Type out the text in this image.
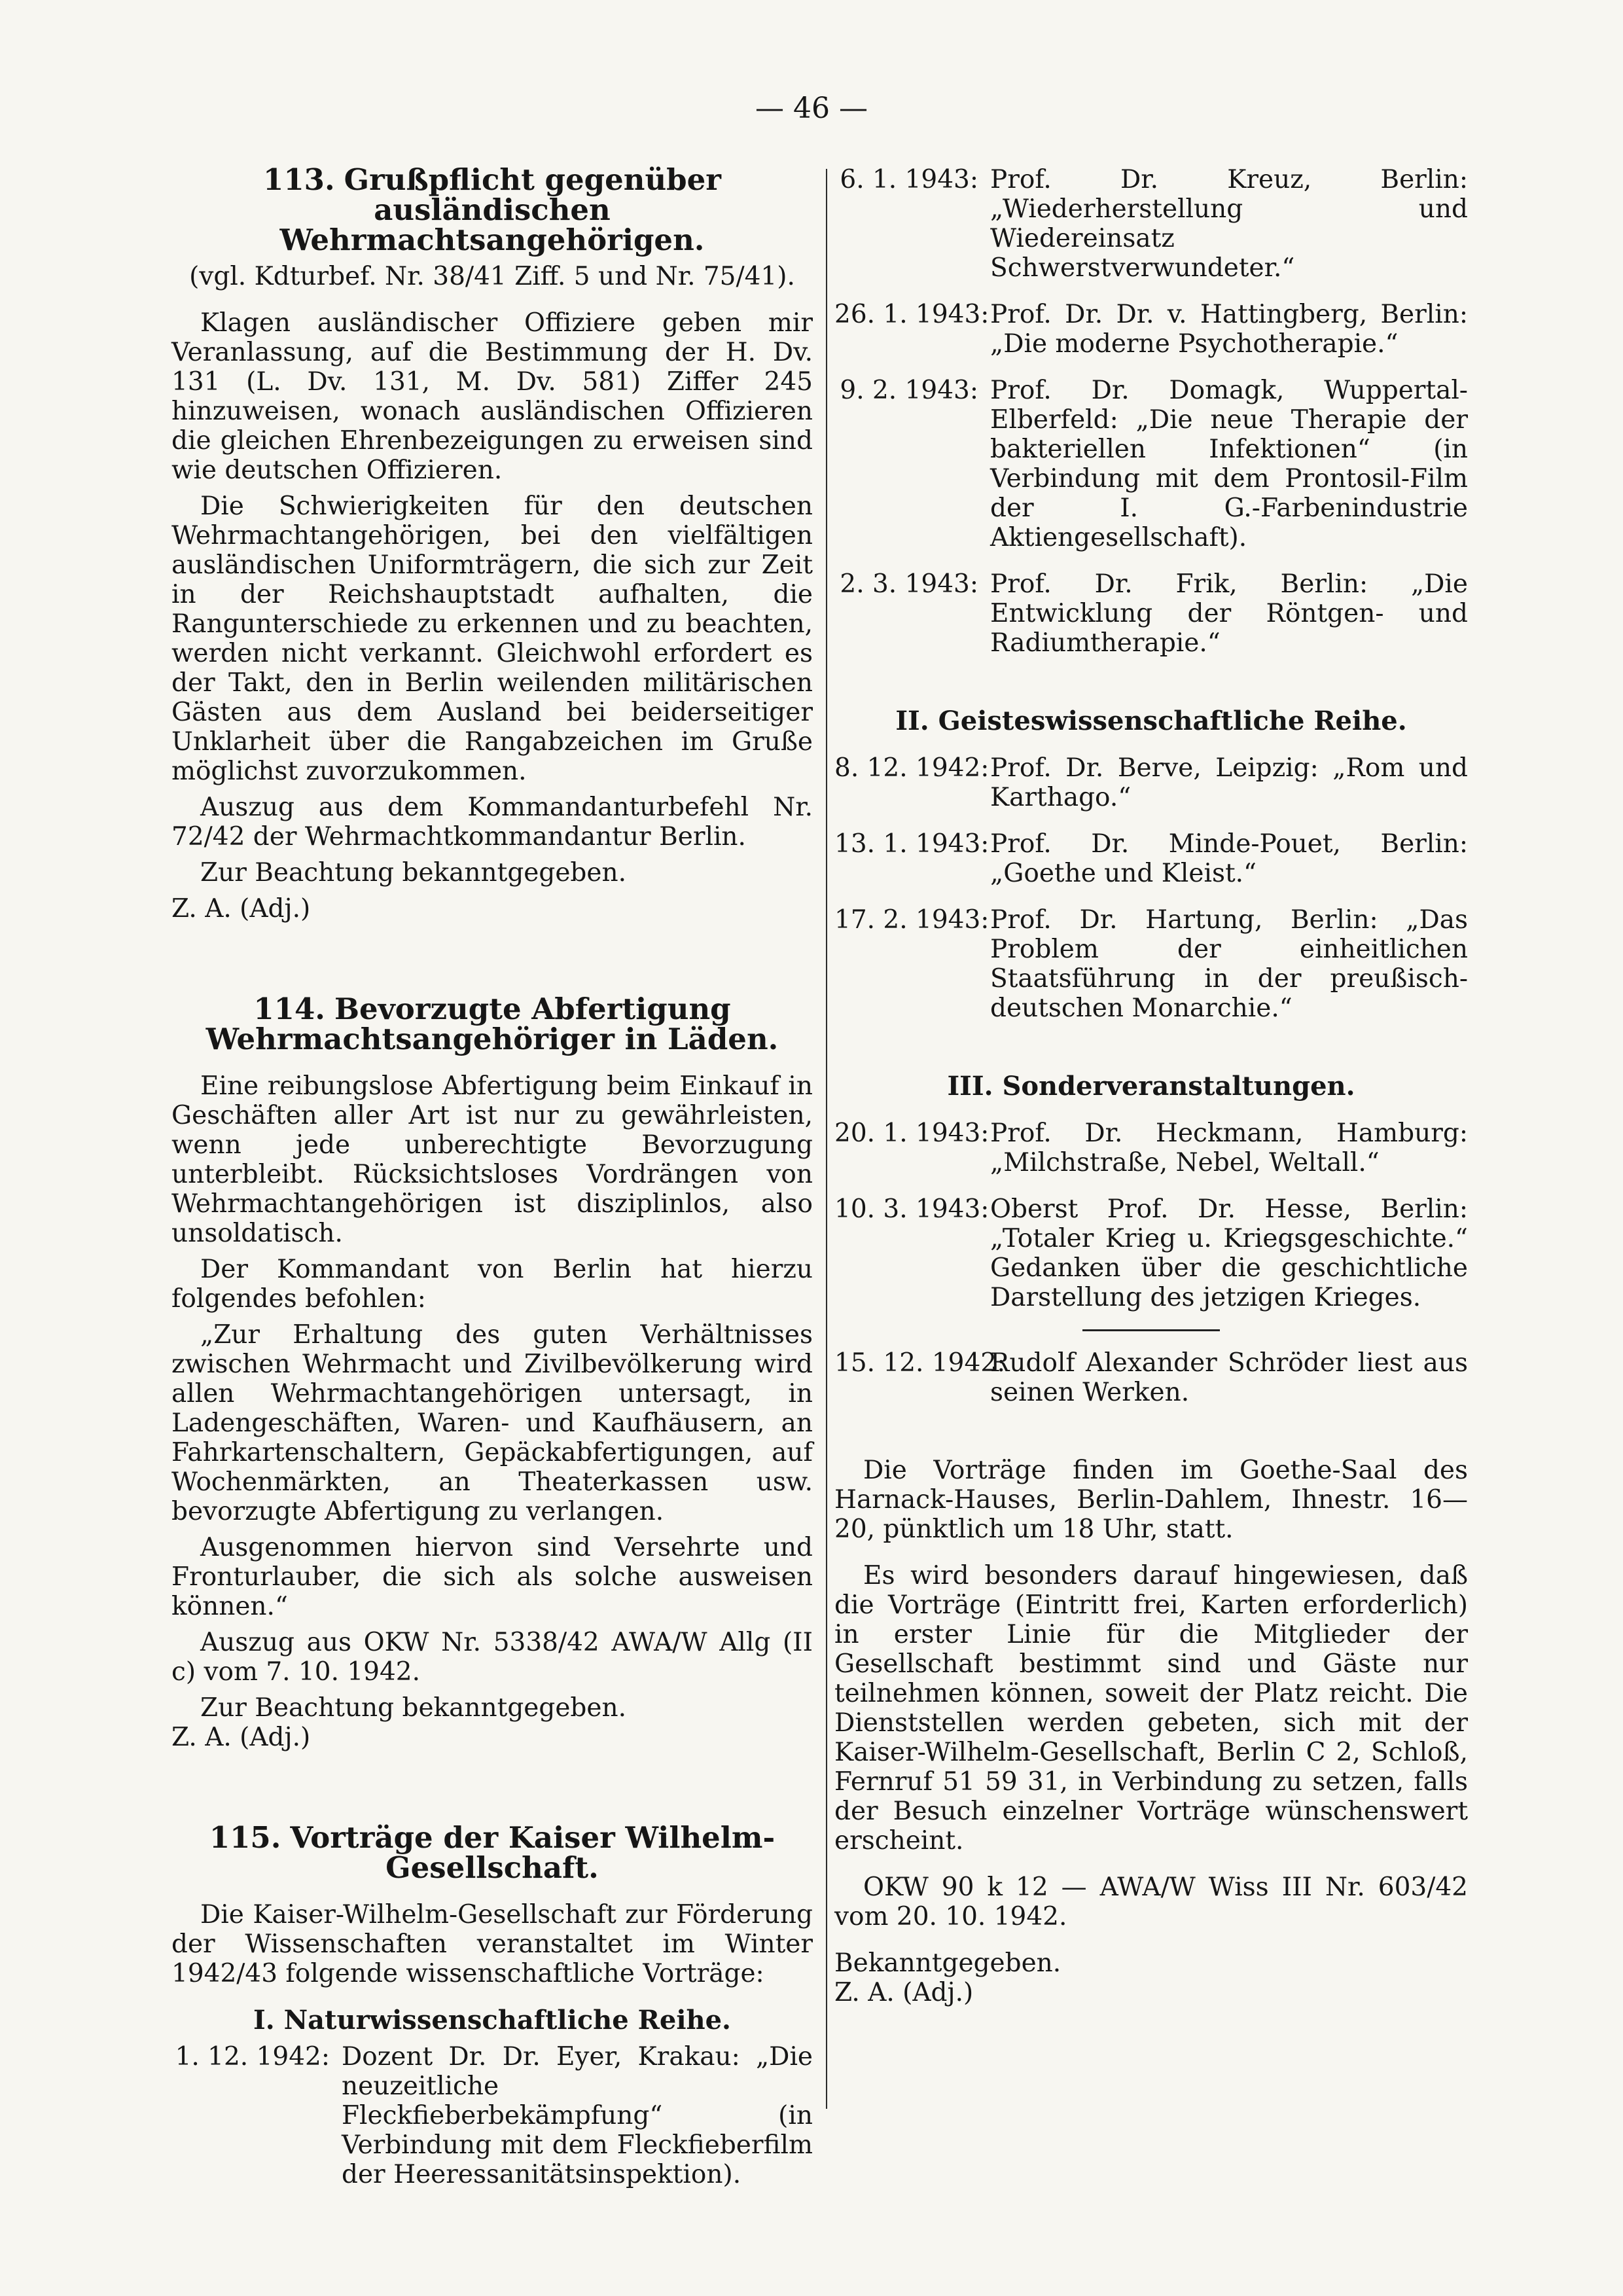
— 46 —
113. Grußpflicht gegenüber ausländischen Wehrmachtsangehörigen.

(vgl. Kdturbef. Nr. 38/41 Ziff. 5 und Nr. 75/41).

Klagen ausländischer Offiziere geben mir Veranlassung, auf die Bestimmung der H. Dv. 131 (L. Dv. 131, M. Dv. 581) Ziffer 245 hinzuweisen, wonach ausländischen Offizieren die gleichen Ehrenbezeigungen zu erweisen sind wie deutschen Offizieren.

Die Schwierigkeiten für den deutschen Wehrmachtangehörigen, bei den vielfältigen ausländischen Uniformträgern, die sich zur Zeit in der Reichshauptstadt aufhalten, die Rangunterschiede zu erkennen und zu beachten, werden nicht verkannt. Gleichwohl erfordert es der Takt, den in Berlin weilenden militärischen Gästen aus dem Ausland bei beiderseitiger Unklarheit über die Rangabzeichen im Gruße möglichst zuvorzukommen.

Auszug aus dem Kommandanturbefehl Nr. 72/42 der Wehrmachtkommandantur Berlin.

Zur Beachtung bekanntgegeben.

Z. A. (Adj.)

114. Bevorzugte Abfertigung Wehrmachtsangehöriger in Läden.

Eine reibungslose Abfertigung beim Einkauf in Geschäften aller Art ist nur zu gewährleisten, wenn jede unberechtigte Bevorzugung unterbleibt. Rücksichtsloses Vordrängen von Wehrmachtangehörigen ist disziplinlos, also unsoldatisch.

Der Kommandant von Berlin hat hierzu folgendes befohlen:

„Zur Erhaltung des guten Verhältnisses zwischen Wehrmacht und Zivilbevölkerung wird allen Wehrmachtangehörigen untersagt, in Ladengeschäften, Waren- und Kaufhäusern, an Fahrkartenschaltern, Gepäckabfertigungen, auf Wochenmärkten, an Theaterkassen usw. bevorzugte Abfertigung zu verlangen.

Ausgenommen hiervon sind Versehrte und Fronturlauber, die sich als solche ausweisen können.“

Auszug aus OKW Nr. 5338/42 AWA/W Allg (II c) vom 7. 10. 1942.

Zur Beachtung bekanntgegeben.

Z. A. (Adj.)

115. Vorträge der Kaiser Wilhelm-Gesellschaft.

Die Kaiser-Wilhelm-Gesellschaft zur Förderung der Wissenschaften veranstaltet im Winter 1942/43 folgende wissenschaftliche Vorträge:

I. Naturwissenschaftliche Reihe.
1. 12. 1942: Dozent Dr. Dr. Eyer, Krakau: „Die neuzeitliche Fleckfieberbekämpfung“ (in Verbindung mit dem Fleckfieberfilm der Heeressanitätsinspektion).
6. 1. 1943: Prof. Dr. Kreuz, Berlin: „Wiederherstellung und Wiedereinsatz Schwerstverwundeter.“
26. 1. 1943: Prof. Dr. Dr. v. Hattingberg, Berlin: „Die moderne Psychotherapie.“
9. 2. 1943: Prof. Dr. Domagk, Wuppertal-Elberfeld: „Die neue Therapie der bakteriellen Infektionen“ (in Verbindung mit dem Prontosil-Film der I. G.-Farbenindustrie Aktiengesellschaft).
2. 3. 1943: Prof. Dr. Frik, Berlin: „Die Entwicklung der Röntgen- und Radiumtherapie.“
II. Geisteswissenschaftliche Reihe.
8. 12. 1942: Prof. Dr. Berve, Leipzig: „Rom und Karthago.“
13. 1. 1943: Prof. Dr. Minde-Pouet, Berlin: „Goethe und Kleist.“
17. 2. 1943: Prof. Dr. Hartung, Berlin: „Das Problem der einheitlichen Staatsführung in der preußisch-deutschen Monarchie.“
III. Sonderveranstaltungen.
20. 1. 1943: Prof. Dr. Heckmann, Hamburg: „Milchstraße, Nebel, Weltall.“
10. 3. 1943: Oberst Prof. Dr. Hesse, Berlin: „Totaler Krieg u. Kriegsgeschichte.“ Gedanken über die geschichtliche Darstellung des jetzigen Krieges.
15. 12. 1942:
Rudolf Alexander Schröder liest aus seinen Werken.

Die Vorträge finden im Goethe-Saal des Harnack-Hauses, Berlin-Dahlem, Ihnestr. 16—20, pünktlich um 18 Uhr, statt.

Es wird besonders darauf hingewiesen, daß die Vorträge (Eintritt frei, Karten erforderlich) in erster Linie für die Mitglieder der Gesellschaft bestimmt sind und Gäste nur teilnehmen können, soweit der Platz reicht. Die Dienststellen werden gebeten, sich mit der Kaiser-Wilhelm-Gesellschaft, Berlin C 2, Schloß, Fernruf 51 59 31, in Verbindung zu setzen, falls der Besuch einzelner Vorträge wünschenswert erscheint.

OKW 90 k 12 — AWA/W Wiss III Nr. 603/42 vom 20. 10. 1942.

Bekanntgegeben.

Z. A. (Adj.)
